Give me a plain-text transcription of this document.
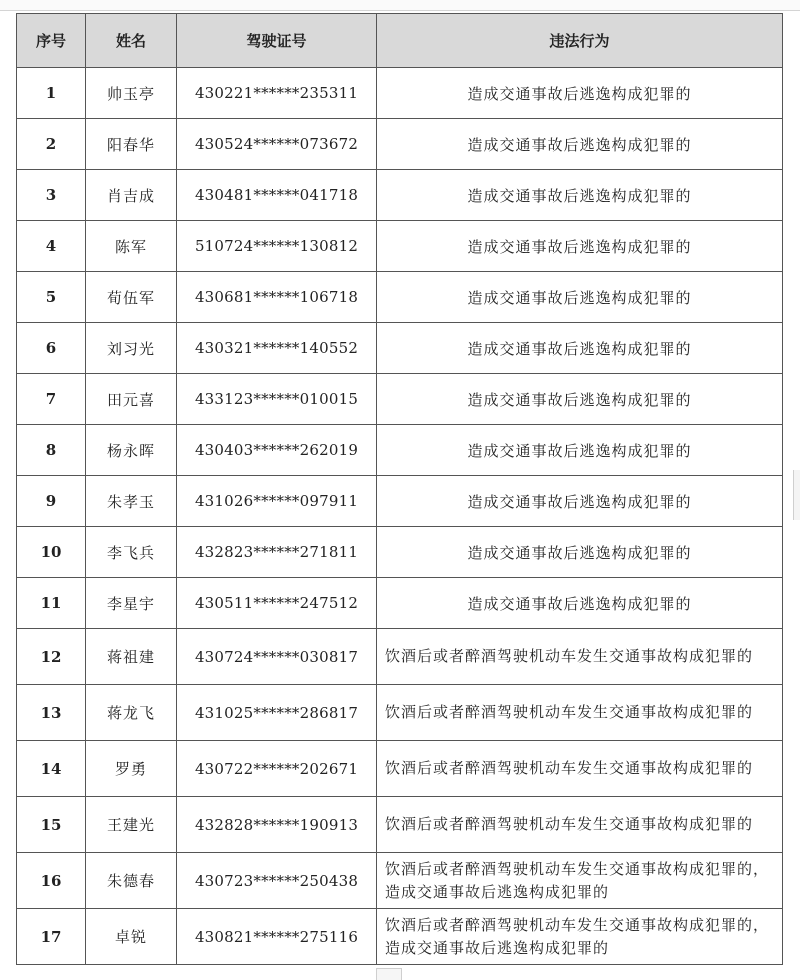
序号	姓名	驾驶证号	违法行为
1	帅玉亭	430221******235311	造成交通事故后逃逸构成犯罪的
2	阳春华	430524******073672	造成交通事故后逃逸构成犯罪的
3	肖吉成	430481******041718	造成交通事故后逃逸构成犯罪的
4	陈军	510724******130812	造成交通事故后逃逸构成犯罪的
5	荀伍军	430681******106718	造成交通事故后逃逸构成犯罪的
6	刘习光	430321******140552	造成交通事故后逃逸构成犯罪的
7	田元喜	433123******010015	造成交通事故后逃逸构成犯罪的
8	杨永晖	430403******262019	造成交通事故后逃逸构成犯罪的
9	朱孝玉	431026******097911	造成交通事故后逃逸构成犯罪的
10	李飞兵	432823******271811	造成交通事故后逃逸构成犯罪的
11	李星宇	430511******247512	造成交通事故后逃逸构成犯罪的
12	蒋祖建	430724******030817	饮酒后或者醉酒驾驶机动车发生交通事故构成犯罪的
13	蒋龙飞	431025******286817	饮酒后或者醉酒驾驶机动车发生交通事故构成犯罪的
14	罗勇	430722******202671	饮酒后或者醉酒驾驶机动车发生交通事故构成犯罪的
15	王建光	432828******190913	饮酒后或者醉酒驾驶机动车发生交通事故构成犯罪的
16	朱德春	430723******250438	饮酒后或者醉酒驾驶机动车发生交通事故构成犯罪的，造成交通事故后逃逸构成犯罪的
17	卓锐	430821******275116	饮酒后或者醉酒驾驶机动车发生交通事故构成犯罪的，造成交通事故后逃逸构成犯罪的
